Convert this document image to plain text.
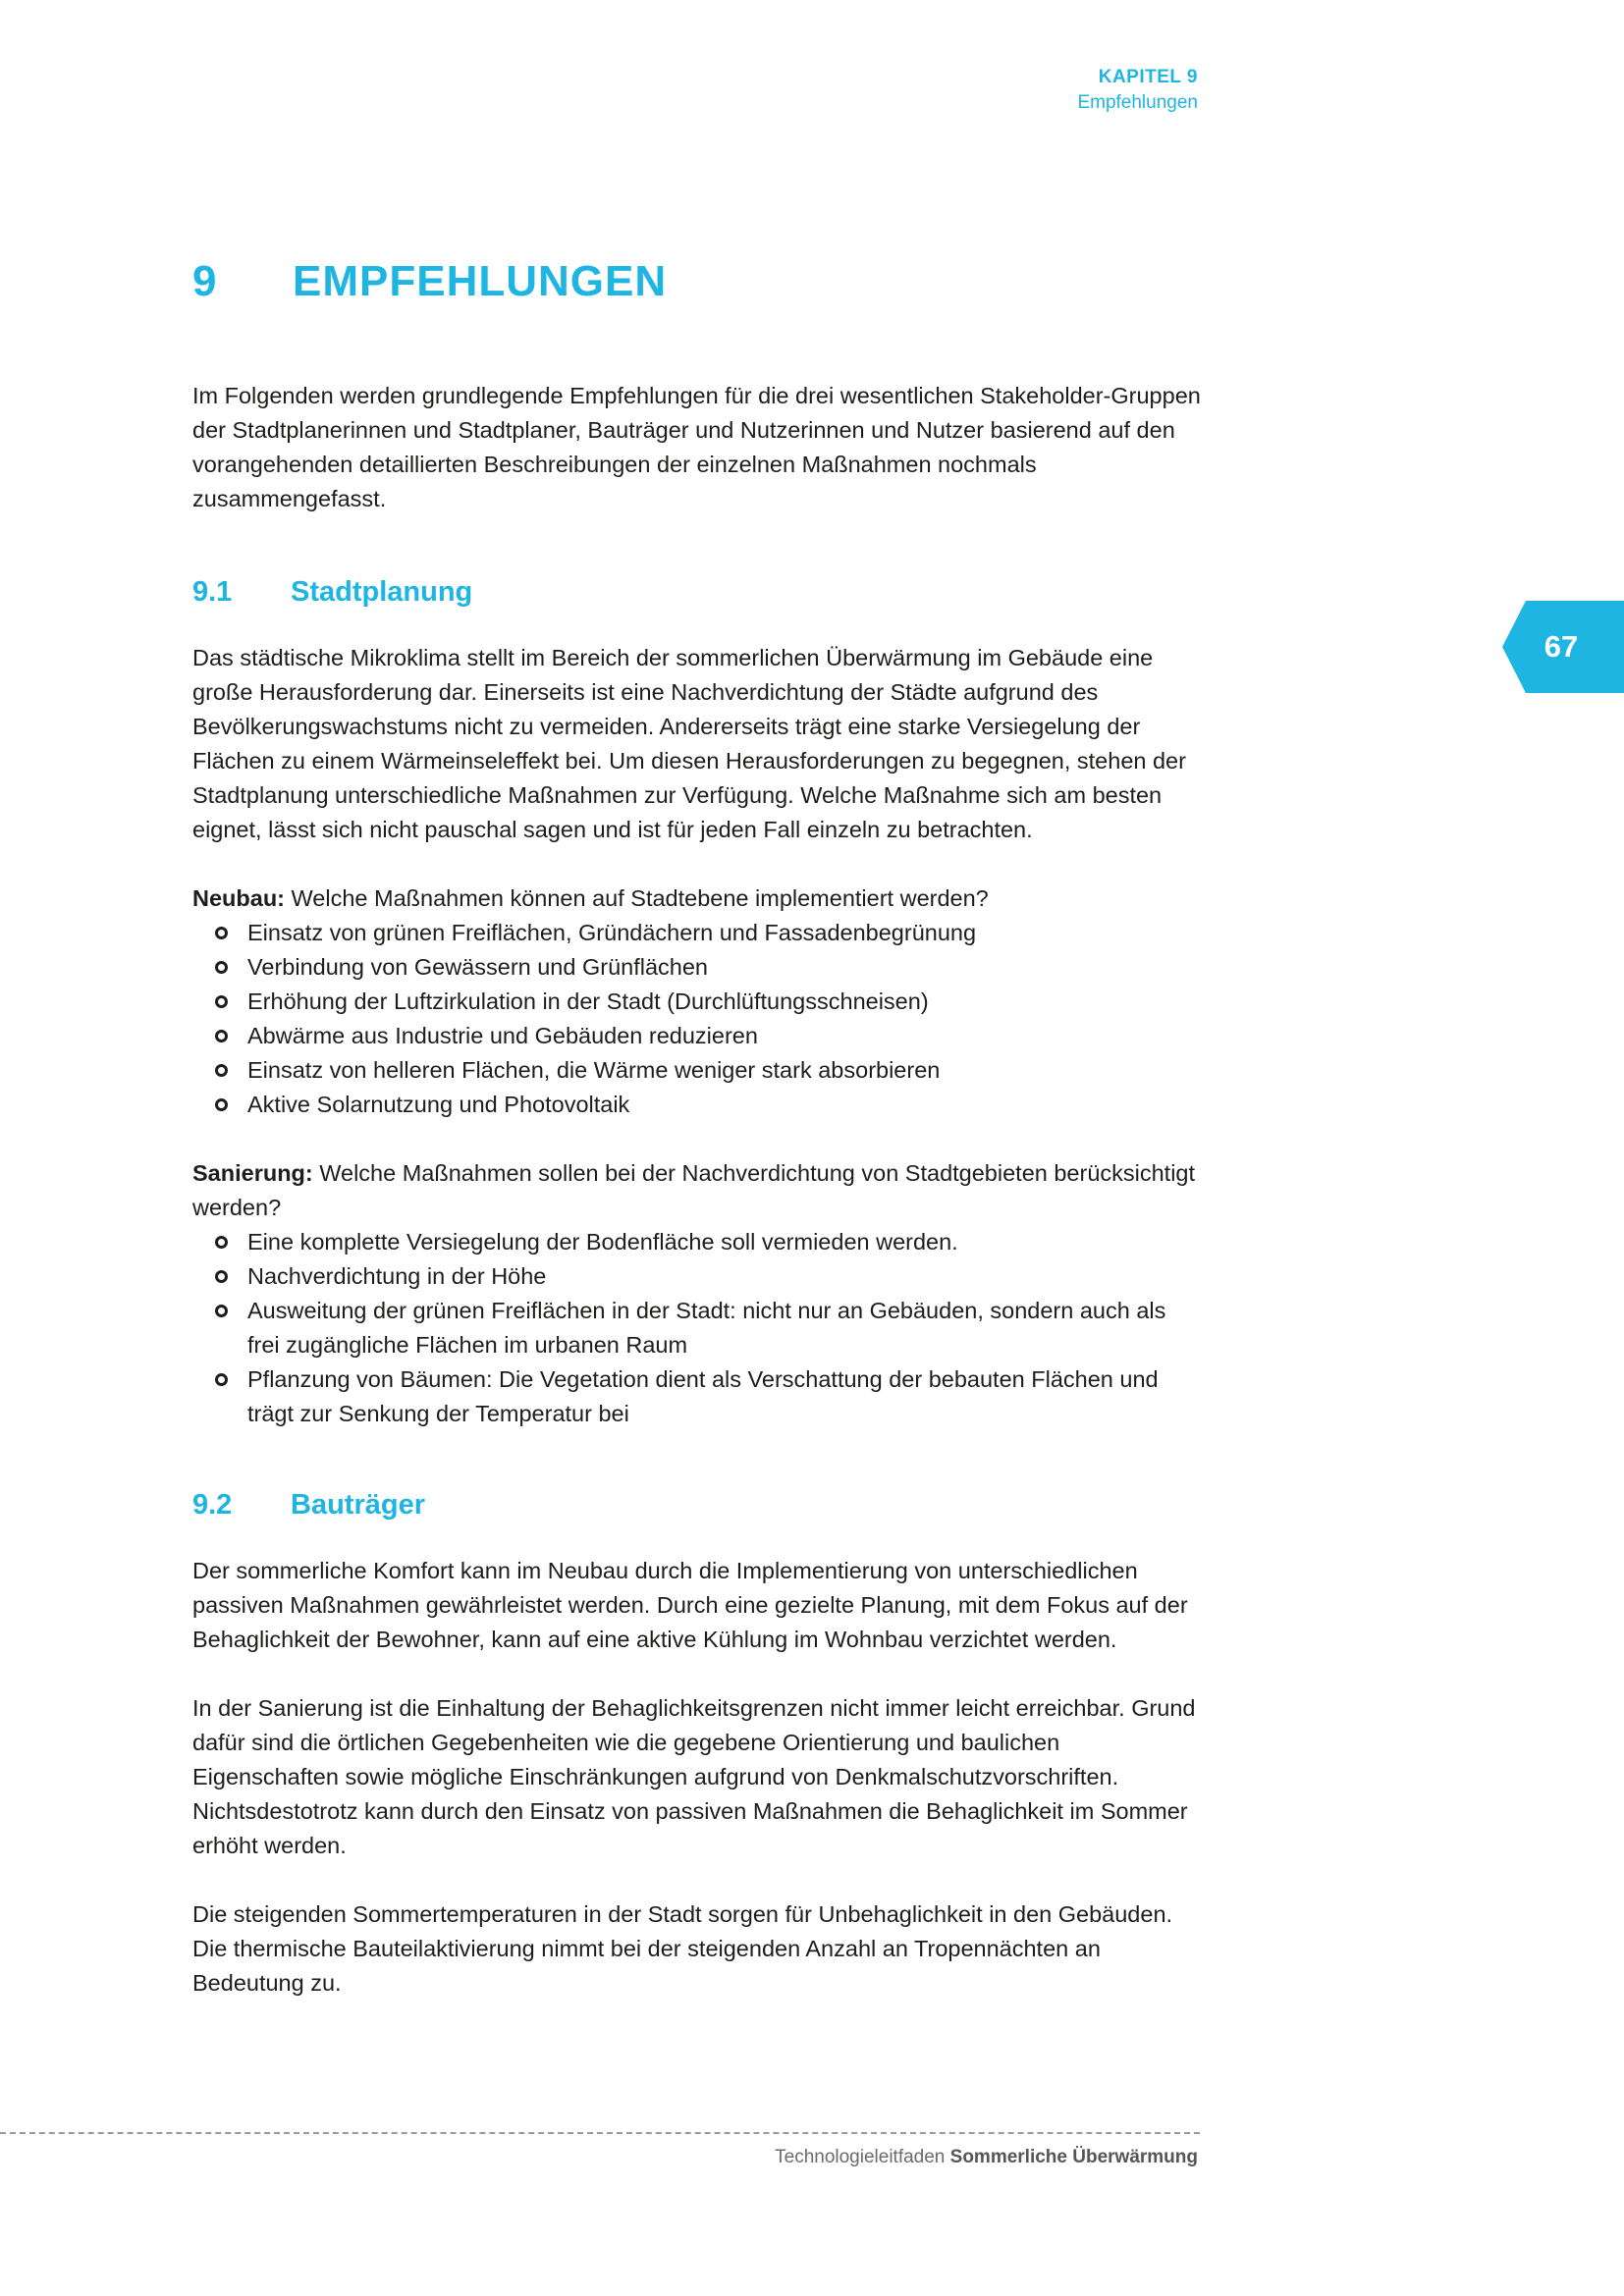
KAPITEL 9
Empfehlungen
9 EMPFEHLUNGEN

Im Folgenden werden grundlegende Empfehlungen für die drei wesentlichen Stakeholder-Gruppen der Stadtplanerinnen und Stadtplaner, Bauträger und Nutzerinnen und Nutzer basierend auf den vorangehenden detaillierten Beschreibungen der einzelnen Maßnahmen nochmals zusammengefasst.

9.1 Stadtplanung

Das städtische Mikroklima stellt im Bereich der sommerlichen Überwärmung im Gebäude eine große Herausforderung dar. Einerseits ist eine Nachverdichtung der Städte aufgrund des Bevölkerungswachstums nicht zu vermeiden. Andererseits trägt eine starke Versiegelung der Flächen zu einem Wärmeinseleffekt bei. Um diesen Herausforderungen zu begegnen, stehen der Stadtplanung unterschiedliche Maßnahmen zur Verfügung. Welche Maßnahme sich am besten eignet, lässt sich nicht pauschal sagen und ist für jeden Fall einzeln zu betrachten.

Neubau: Welche Maßnahmen können auf Stadtebene implementiert werden?

Einsatz von grünen Freiflächen, Gründächern und Fassadenbegrünung
Verbindung von Gewässern und Grünflächen
Erhöhung der Luftzirkulation in der Stadt (Durchlüftungsschneisen)
Abwärme aus Industrie und Gebäuden reduzieren
Einsatz von helleren Flächen, die Wärme weniger stark absorbieren
Aktive Solarnutzung und Photovoltaik

Sanierung: Welche Maßnahmen sollen bei der Nachverdichtung von Stadtgebieten berücksichtigt werden?

Eine komplette Versiegelung der Bodenfläche soll vermieden werden.
Nachverdichtung in der Höhe
Ausweitung der grünen Freiflächen in der Stadt: nicht nur an Gebäuden, sondern auch als frei zugängliche Flächen im urbanen Raum
Pflanzung von Bäumen: Die Vegetation dient als Verschattung der bebauten Flächen und trägt zur Senkung der Temperatur bei
9.2 Bauträger

Der sommerliche Komfort kann im Neubau durch die Implementierung von unterschiedlichen passiven Maßnahmen gewährleistet werden. Durch eine gezielte Planung, mit dem Fokus auf der Behaglichkeit der Bewohner, kann auf eine aktive Kühlung im Wohnbau verzichtet werden.

In der Sanierung ist die Einhaltung der Behaglichkeitsgrenzen nicht immer leicht erreichbar. Grund dafür sind die örtlichen Gegebenheiten wie die gegebene Orientierung und baulichen Eigenschaften sowie mögliche Einschränkungen aufgrund von Denkmalschutzvorschriften. Nichtsdestotrotz kann durch den Einsatz von passiven Maßnahmen die Behaglichkeit im Sommer erhöht werden.

Die steigenden Sommertemperaturen in der Stadt sorgen für Unbehaglichkeit in den Gebäuden. Die thermische Bauteilaktivierung nimmt bei der steigenden Anzahl an Tropennächten an Bedeutung zu.

67
Technologieleitfaden Sommerliche Überwärmung
